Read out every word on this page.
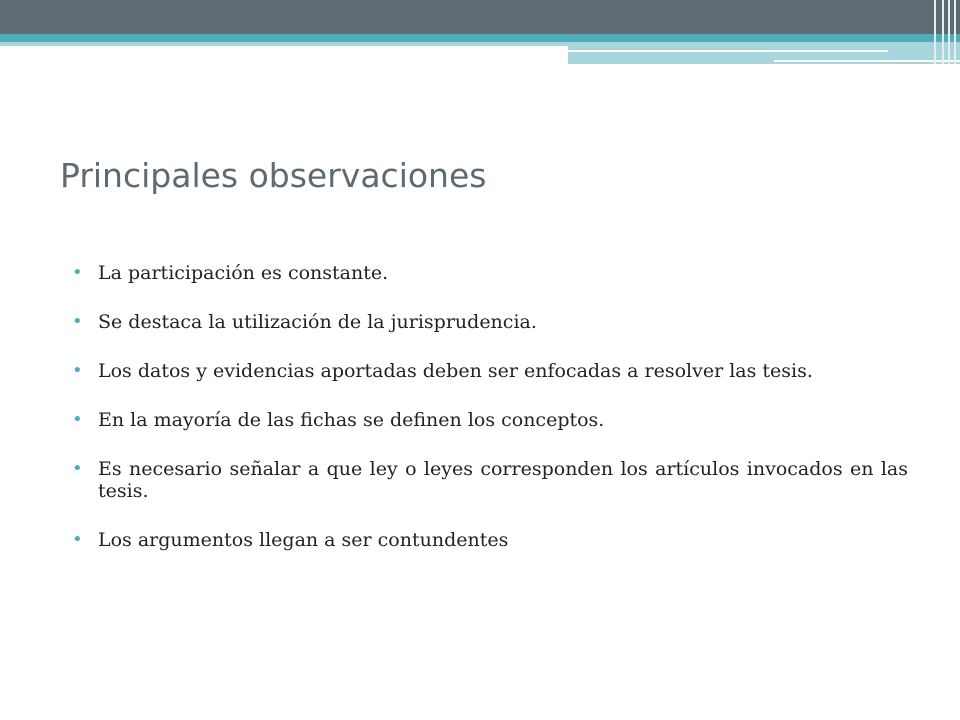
Principales observaciones
• La participación es constante.
• Se destaca la utilización de la jurisprudencia.
• Los datos y evidencias aportadas deben ser enfocadas a resolver las tesis.
• En la mayoría de las fichas se definen los conceptos.
• Es necesario señalar a que ley o leyes corresponden los artículos invocados en las tesis.
• Los argumentos llegan a ser contundentes
